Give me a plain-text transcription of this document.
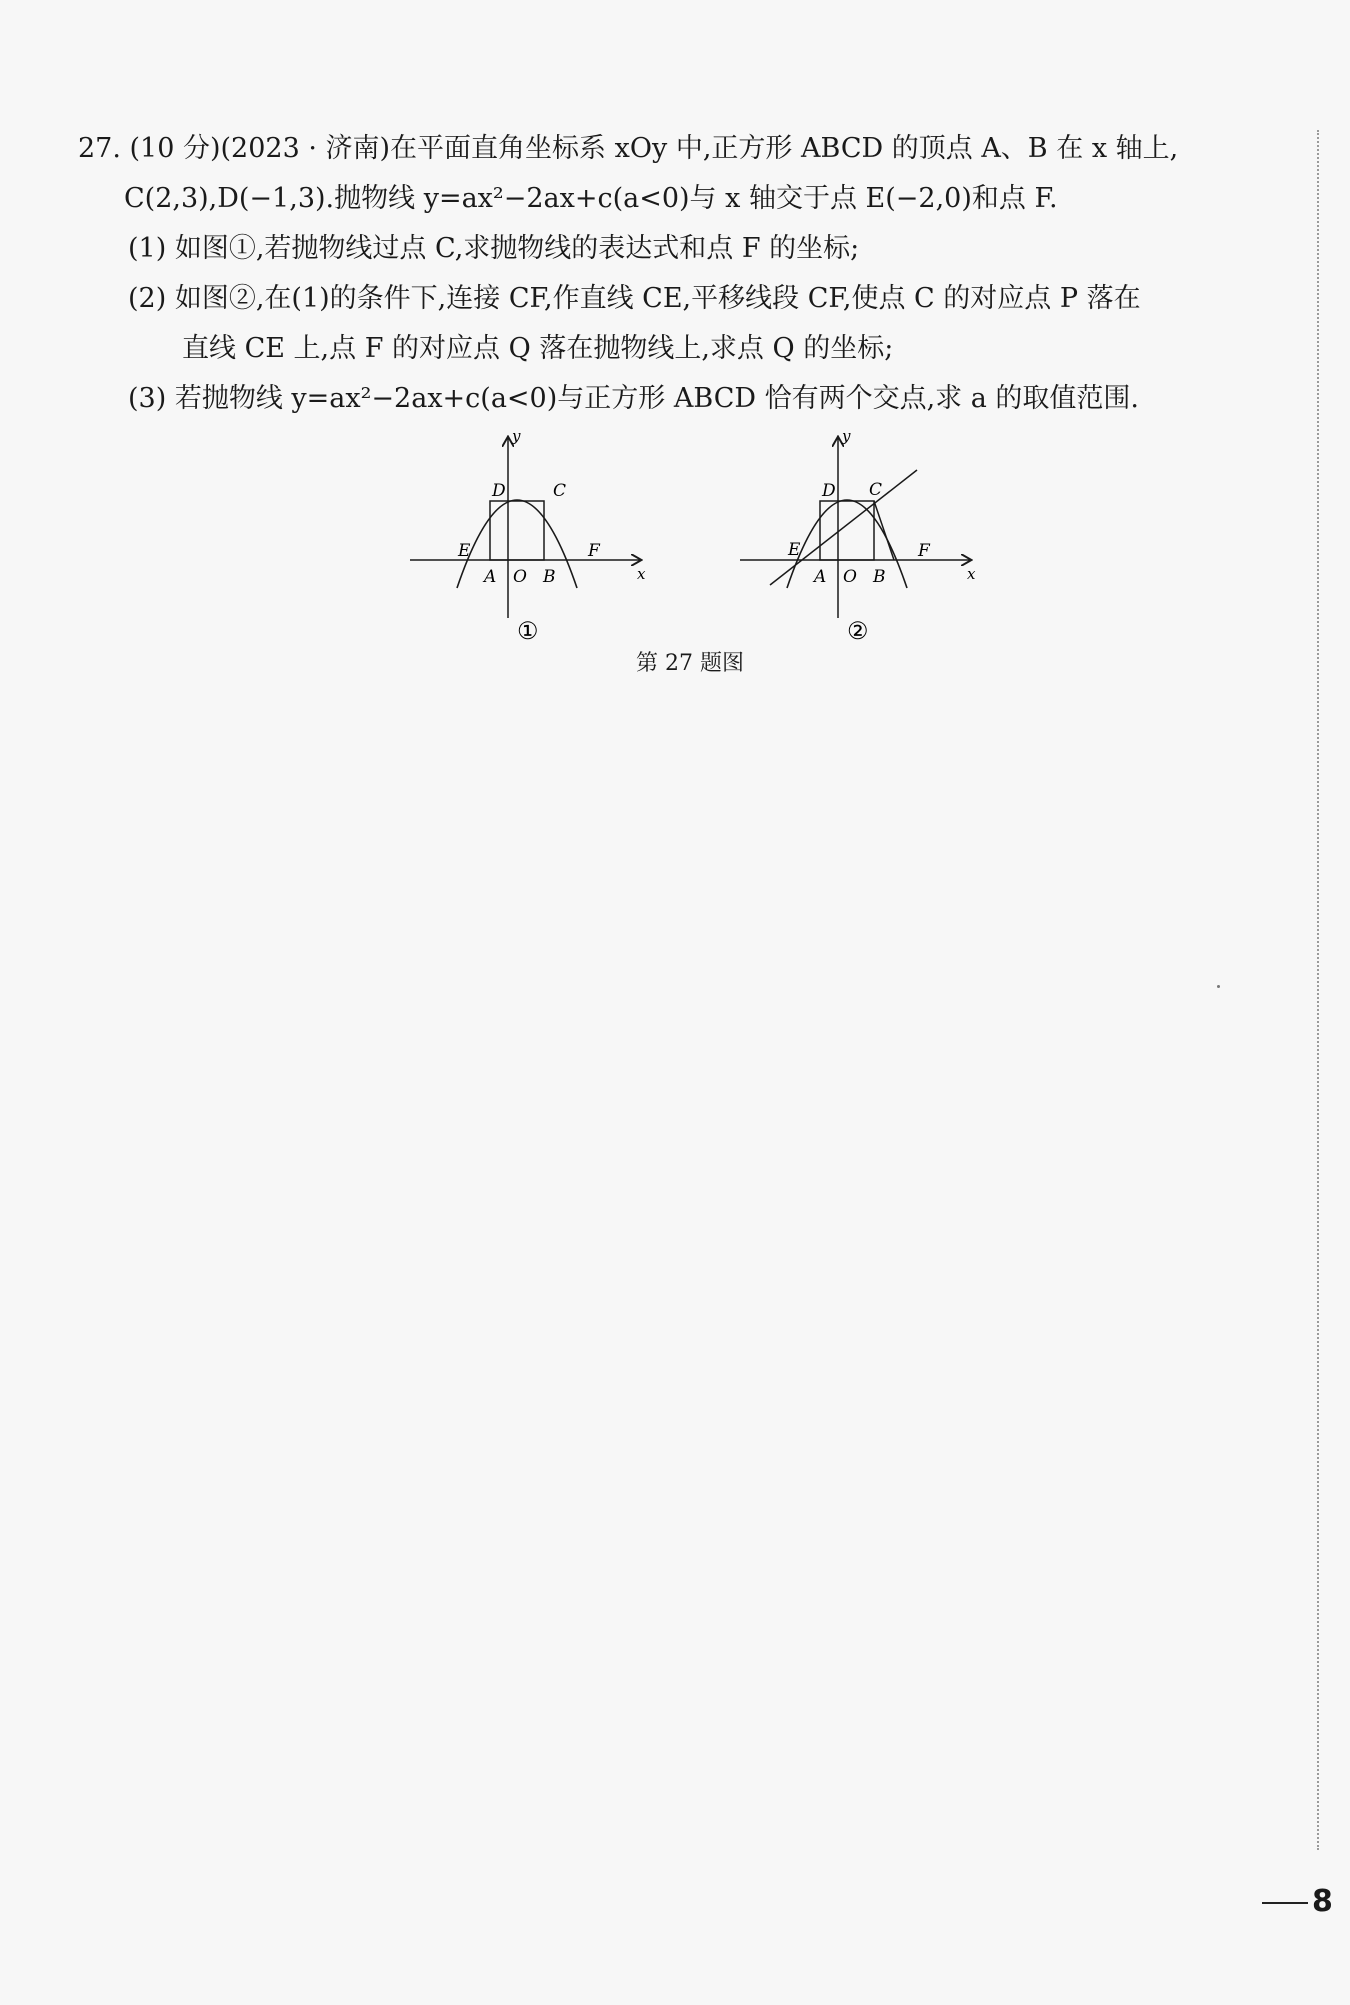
27. (10 分)(2023 · 济南)在平面直角坐标系 xOy 中,正方形 ABCD 的顶点 A、B 在 x 轴上,
C(2,3),D(−1,3).抛物线 y=ax²−2ax+c(a<0)与 x 轴交于点 E(−2,0)和点 F.
(1) 如图①,若抛物线过点 C,求抛物线的表达式和点 F 的坐标;
(2) 如图②,在(1)的条件下,连接 CF,作直线 CE,平移线段 CF,使点 C 的对应点 P 落在
直线 CE 上,点 F 的对应点 Q 落在抛物线上,求点 Q 的坐标;
(3) 若抛物线 y=ax²−2ax+c(a<0)与正方形 ABCD 恰有两个交点,求 a 的取值范围.
y
x
D	C
E	F
A O B
①
y
x
D C
E	F
A O B
②
第 27 题图
8
